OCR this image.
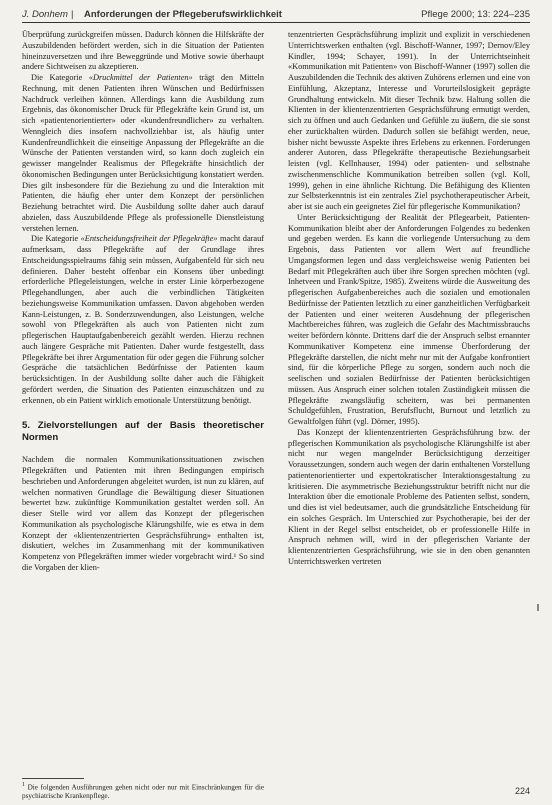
J. Donhem | Anforderungen der Pflegeberufswirklichkeit	Pflege 2000; 13: 224–235

Überprüfung zurückgreifen müssen. Dadurch können die Hilfskräfte der Auszubildenden befördert werden, sich in die Situation der Patienten hineinzuversetzen und ihre Beweggründe und Motive sowie überhaupt andere Sichtweisen zu akzeptieren.

Die Kategorie «Druckmittel der Patienten» trägt den Mitteln Rechnung, mit denen Patienten ihren Wünschen und Bedürfnissen Nachdruck verleihen können. Allerdings kann die Ausbildung zum Ergebnis, das ökonomischer Druck für Pflegekräfte kein Grund ist, um sich «patientenorientierter» oder «kundenfreundlicher» zu verhalten. Wenngleich dies insofern nachvollziehbar ist, als häufig unter Kundenfreundlichkeit die einseitige Anpassung der Pflegekräfte an die Wünsche der Patienten verstanden wird, so kann doch zugleich ein gewisser mangelnder Realismus der Pflegekräfte hinsichtlich der ökonomischen Bedingungen unter Berücksichtigung konstatiert werden. Dies gilt insbesondere für die Beziehung zu und die Interaktion mit Patienten, die häufig eher unter dem Konzept der persönlichen Beziehung betrachtet wird. Die Ausbildung sollte daher auch darauf abzielen, dass Auszubildende Pflege als professionelle Dienstleistung verstehen lernen.

Die Kategorie «Entscheidungsfreiheit der Pflegekräfte» macht darauf aufmerksam, dass Pflegekräfte auf der Grundlage ihres Entscheidungsspielraums fähig sein müssen, Aufgabenfeld für sich neu definieren. Daher besteht offenbar ein Konsens über unbedingt erforderliche Pflegeleistungen, welche in erster Linie körperbezogene Pflegehandlungen, aber auch die verbindlichen Tätigkeiten beziehungsweise Kommunikation umfassen. Davon abgehoben werden Kann-Leistungen, z. B. Sonderzuwendungen, also Leistungen, welche sowohl von Pflegekräften als auch von Patienten nicht zum pflegerischen Hauptaufgabenbereich gezählt werden. Hierzu rechnen auch längere Gespräche mit Patienten. Daher wurde festgestellt, dass Pflegekräfte bei ihrer Argumentation für oder gegen die Führung solcher Gespräche die tatsächlichen Bedürfnisse der Patienten kaum berücksichtigen. In der Ausbildung sollte daher auch die Fähigkeit gefördert werden, die Situation des Patienten einzuschätzen und zu erkennen, ob ein Patient wirklich emotionale Unterstützung benötigt.

5. Zielvorstellungen auf der Basis theoretischer Normen

Nachdem die normalen Kommunikationssituationen zwischen Pflegekräften und Patienten mit ihren Bedingungen empirisch beschrieben und Anforderungen abgeleitet wurden, ist nun zu klären, auf welchen normativen Grundlage die Bewältigung dieser Situationen bewertet bzw. zukünftige Kommunikation gestaltet werden soll. An dieser Stelle wird vor allem das Konzept der pflegerischen Kommunikation als psychologische Klärungshilfe, wie es etwa in dem Konzept der «klientenzentrierten Gesprächsführung» enthalten ist, diskutiert, welches im Zusammenhang mit der kommunikativen Kompetenz von Pflegekräften immer wieder vorgebracht wird.¹ So sind die Vorgaben der klien-

tenzentrierten Gesprächsführung implizit und explizit in verschiedenen Unterrichtswerken enthalten (vgl. Bischoff-Wanner, 1997; Dernov/Eley Kindler, 1994; Schayer, 1991). In der Unterrichtseinheit «Kommunikation mit Patienten» von Bischoff-Wanner (1997) sollen die Auszubildenden die Technik des aktiven Zuhörens erlernen und eine von Einfühlung, Akzeptanz, Interesse und Vorurteilslosigkeit geprägte Grundhaltung entwickeln. Mit dieser Technik bzw. Haltung sollen die Klienten in der klientenzentrierten Gesprächsführung ermutigt werden, sich zu öffnen und auch Gedanken und Gefühle zu äußern, die sie sonst eher zurückhalten würden. Dadurch sollen sie befähigt werden, neue, bisher nicht bewusste Aspekte ihres Erlebens zu erkennen. Forderungen anderer Autoren, dass Pflegekräfte therapeutische Beziehungsarbeit leisten (vgl. Kellnhauser, 1994) oder patienten- und selbstnahe zwischenmenschliche Kommunikation betreiben sollen (vgl. Koll, 1999), gehen in eine ähnliche Richtung. Die Befähigung des Klienten zur Selbsterkenntnis ist ein zentrales Ziel psychotherapeutischer Arbeit, aber ist sie auch ein geeignetes Ziel für pflegerische Kommunikation?

Unter Berücksichtigung der Realität der Pflegearbeit, Patienten-Kommunikation bleibt aber der Anforderungen Folgendes zu bedenken und gegeben werden. Es kann die vorliegende Untersuchung zu dem Ergebnis, dass Patienten vor allem Wert auf freundliche Umgangsformen legen und dass vergleichsweise wenig Patienten bei Bedarf mit Pflegekräften auch über ihre Sorgen sprechen möchten (vgl. Inhetveen und Frank/Spitze, 1985). Zweitens würde die Ausweitung des pflegerischen Aufgabenbereiches auch die sozialen und emotionalen Bedürfnisse der Patienten letztlich zu einer ganzheitlichen Verfügbarkeit der Patienten und einer weiteren Ausdehnung der pflegerischen Machtbereiches führen, was zugleich die Gefahr des Machtmissbrauchs weiter befördern könnte. Drittens darf die der Anspruch selbst ernannter Kommunikativer Kompetenz eine immense Überforderung der Pflegekräfte darstellen, die nicht mehr nur mit der Aufgabe konfrontiert sind, für die körperliche Pflege zu sorgen, sondern auch noch die seelischen und sozialen Bedürfnisse der Patienten berücksichtigen müssen. Aus Anspruch einer solchen totalen Zuständigkeit müssen die Pflegekräfte zwangsläufig scheitern, was bei permanenten Schuldgefühlen, Frustration, Berufsflucht, Burnout und letztlich zu Gewaltfolgen führt (vgl. Dörner, 1995).

Das Konzept der klientenzentrierten Gesprächsführung bzw. der pflegerischen Kommunikation als psychologische Klärungshilfe ist aber nicht nur wegen mangelnder Berücksichtigung derzeitiger Voraussetzungen, sondern auch wegen der darin enthaltenen Vorstellung patientenorientierter und expertokratischer Interaktionsgestaltung zu kritisieren. Die asymmetrische Beziehungsstruktur betrifft nicht nur die Interaktion über die emotionale Probleme des Patienten selbst, sondern, und dies ist viel bedeutsamer, auch die grundsätzliche Entscheidung für ein solches Gespräch. Im Unterschied zur Psychotherapie, bei der der Klient in der Regel selbst entscheidet, ob er professionelle Hilfe in Anspruch nehmen will, wird in der pflegerischen Variante der klientenzentrierten Gesprächsführung, wie sie in den oben genannten Unterrichtswerken vertreten

$^1$ Die folgenden Ausführungen gehen nicht oder nur mit Einschränkungen für die psychiatrische Krankenpflege.
224
